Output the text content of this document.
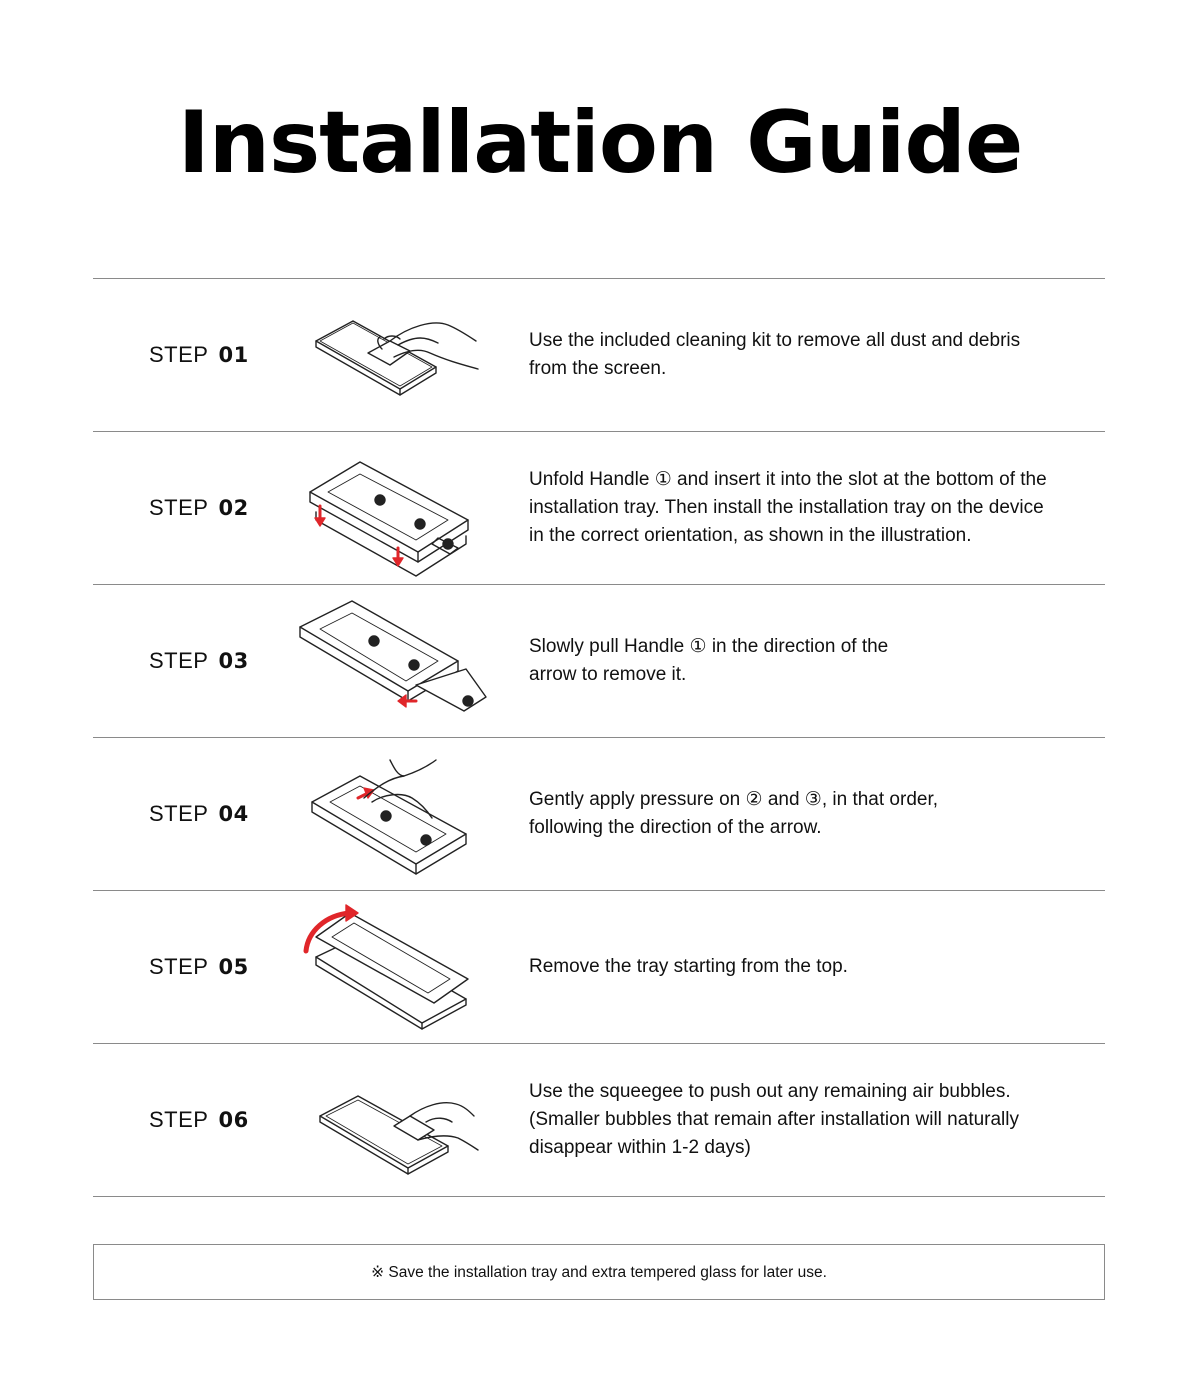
Installation Guide
STEP 01
Use the included cleaning kit to remove all dust and debris
from the screen.
STEP 02
Unfold Handle ① and insert it into the slot at the bottom of the
installation tray. Then install the installation tray on the device
in the correct orientation, as shown in the illustration.
STEP 03
Slowly pull Handle ① in the direction of the
arrow to remove it.
STEP 04
Gently apply pressure on ② and ③, in that order,
following the direction of the arrow.
STEP 05	Remove the tray starting from the top.
STEP 06
Use the squeegee to push out any remaining air bubbles.
(Smaller bubbles that remain after installation will naturally
disappear within 1-2 days)
※ Save the installation tray and extra tempered glass for later use.
